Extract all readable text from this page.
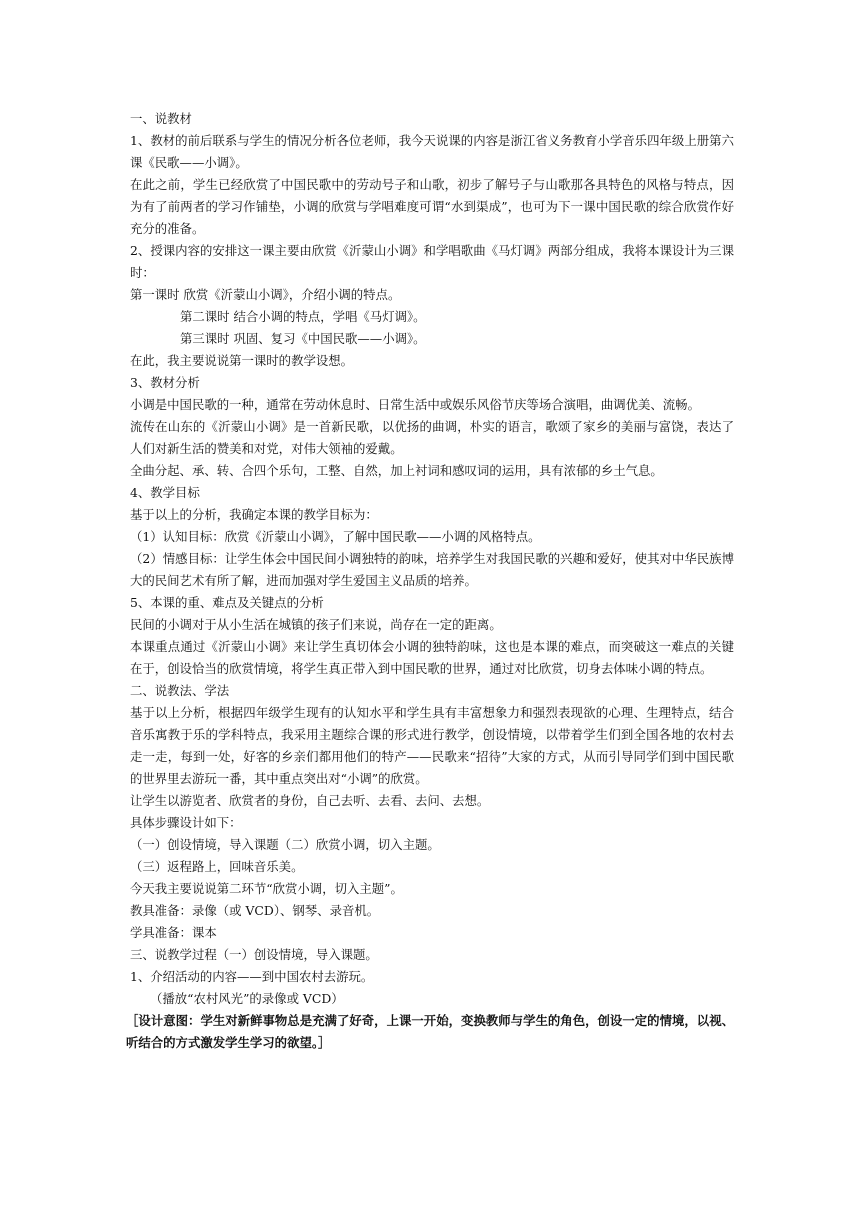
一、说教材

1、教材的前后联系与学生的情况分析各位老师，我今天说课的内容是浙江省义务教育小学音乐四年级上册第六课《民歌——小调》。

在此之前，学生已经欣赏了中国民歌中的劳动号子和山歌，初步了解号子与山歌那各具特色的风格与特点，因为有了前两者的学习作铺垫，小调的欣赏与学唱难度可谓“水到渠成”，也可为下一课中国民歌的综合欣赏作好充分的准备。

2、授课内容的安排这一课主要由欣赏《沂蒙山小调》和学唱歌曲《马灯调》两部分组成，我将本课设计为三课时：

第一课时 欣赏《沂蒙山小调》，介绍小调的特点。

第二课时 结合小调的特点，学唱《马灯调》。

第三课时 巩固、复习《中国民歌——小调》。

在此，我主要说说第一课时的教学设想。

3、教材分析

小调是中国民歌的一种，通常在劳动休息时、日常生活中或娱乐风俗节庆等场合演唱，曲调优美、流畅。

流传在山东的《沂蒙山小调》是一首新民歌，以优扬的曲调，朴实的语言，歌颂了家乡的美丽与富饶，表达了人们对新生活的赞美和对党，对伟大领袖的爱戴。

全曲分起、承、转、合四个乐句，工整、自然，加上衬词和感叹词的运用，具有浓郁的乡土气息。

4、教学目标

基于以上的分析，我确定本课的教学目标为：

（1）认知目标：欣赏《沂蒙山小调》，了解中国民歌——小调的风格特点。

（2）情感目标：让学生体会中国民间小调独特的韵味，培养学生对我国民歌的兴趣和爱好，使其对中华民族博大的民间艺术有所了解，进而加强对学生爱国主义品质的培养。

5、本课的重、难点及关键点的分析

民间的小调对于从小生活在城镇的孩子们来说，尚存在一定的距离。

本课重点通过《沂蒙山小调》来让学生真切体会小调的独特韵味，这也是本课的难点，而突破这一难点的关键在于，创设恰当的欣赏情境，将学生真正带入到中国民歌的世界，通过对比欣赏，切身去体味小调的特点。

二、说教法、学法

基于以上分析，根据四年级学生现有的认知水平和学生具有丰富想象力和强烈表现欲的心理、生理特点，结合音乐寓教于乐的学科特点，我采用主题综合课的形式进行教学，创设情境，以带着学生们到全国各地的农村去走一走，每到一处，好客的乡亲们都用他们的特产——民歌来“招待”大家的方式，从而引导同学们到中国民歌的世界里去游玩一番，其中重点突出对“小调”的欣赏。

让学生以游览者、欣赏者的身份，自己去听、去看、去问、去想。

具体步骤设计如下：

（一）创设情境，导入课题（二）欣赏小调，切入主题。

（三）返程路上，回味音乐美。

今天我主要说说第二环节“欣赏小调，切入主题”。

教具准备：录像（或 VCD）、钢琴、录音机。

学具准备：课本

三、说教学过程（一）创设情境，导入课题。

1、介绍活动的内容——到中国农村去游玩。

（播放“农村风光”的录像或 VCD）

［设计意图：学生对新鲜事物总是充满了好奇，上课一开始，变换教师与学生的角色，创设一定的情境，以视、听结合的方式激发学生学习的欲望。］
